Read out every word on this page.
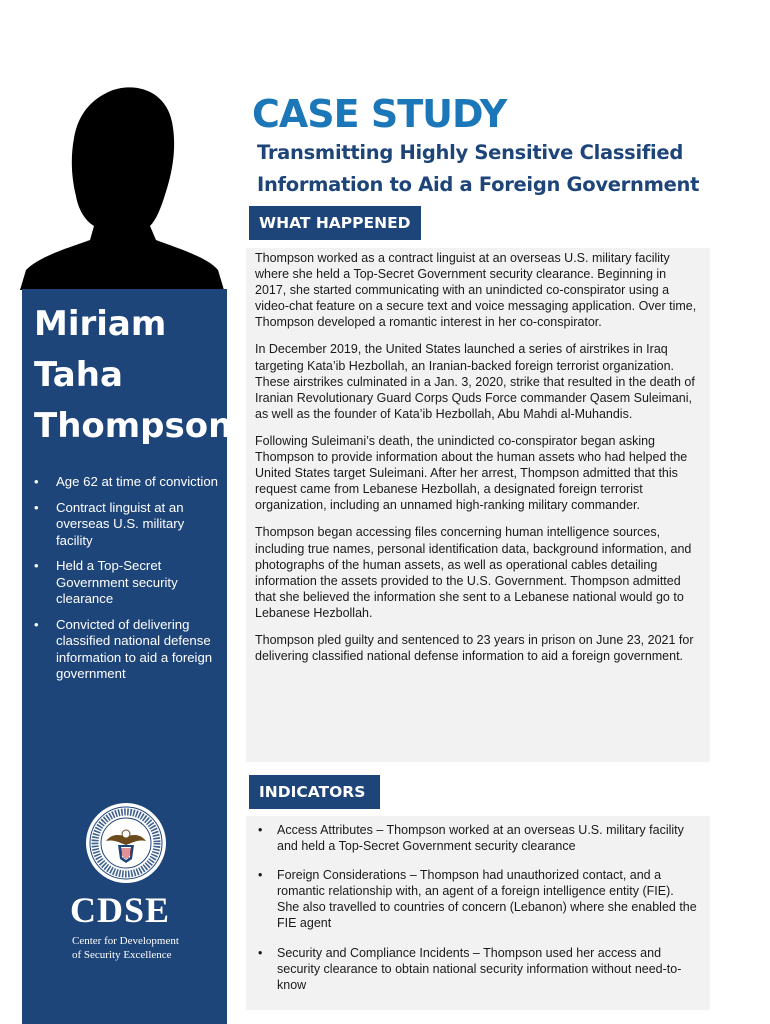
Miriam
Taha
Thompson
• Age 62 at time of conviction
• Contract linguist at an overseas U.S. military facility
• Held a Top-Secret Government security clearance
• Convicted of delivering classified national defense information to aid a foreign government
CDSE
Center for Development
of Security Excellence
CASE STUDY
Transmitting Highly Sensitive Classified
Information to Aid a Foreign Government
WHAT HAPPENED

Thompson worked as a contract linguist at an overseas U.S. military facility where she held a Top-Secret Government security clearance. Beginning in 2017, she started communicating with an unindicted co-conspirator using a video-chat feature on a secure text and voice messaging application. Over time, Thompson developed a romantic interest in her co-conspirator.

In December 2019, the United States launched a series of airstrikes in Iraq targeting Kata’ib Hezbollah, an Iranian-backed foreign terrorist organization. These airstrikes culminated in a Jan. 3, 2020, strike that resulted in the death of Iranian Revolutionary Guard Corps Quds Force commander Qasem Suleimani, as well as the founder of Kata’ib Hezbollah, Abu Mahdi al-Muhandis.

Following Suleimani’s death, the unindicted co-conspirator began asking Thompson to provide information about the human assets who had helped the United States target Suleimani. After her arrest, Thompson admitted that this request came from Lebanese Hezbollah, a designated foreign terrorist organization, including an unnamed high-ranking military commander.

Thompson began accessing files concerning human intelligence sources, including true names, personal identification data, background information, and photographs of the human assets, as well as operational cables detailing information the assets provided to the U.S. Government. Thompson admitted that she believed the information she sent to a Lebanese national would go to Lebanese Hezbollah.

Thompson pled guilty and sentenced to 23 years in prison on June 23, 2021 for delivering classified national defense information to aid a foreign government.

INDICATORS
• Access Attributes – Thompson worked at an overseas U.S. military facility and held a Top-Secret Government security clearance
• Foreign Considerations – Thompson had unauthorized contact, and a romantic relationship with, an agent of a foreign intelligence entity (FIE). She also travelled to countries of concern (Lebanon) where she enabled the FIE agent
• Security and Compliance Incidents – Thompson used her access and security clearance to obtain national security information without need-to-know
